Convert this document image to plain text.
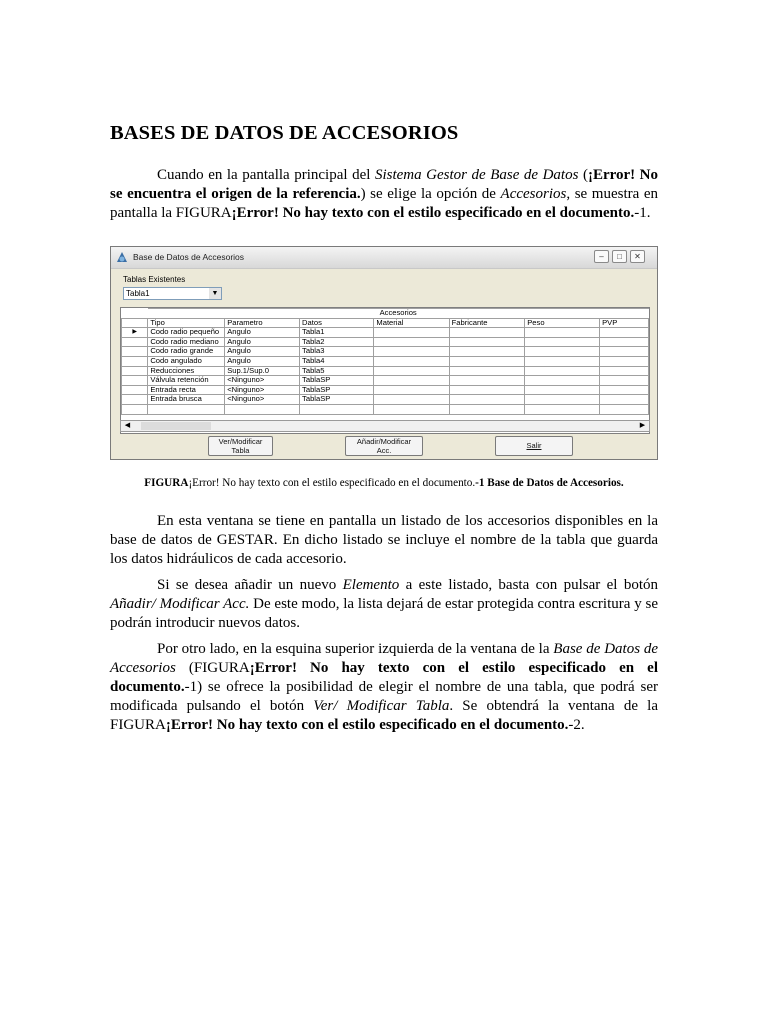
BASES DE DATOS DE ACCESORIOS

Cuando en la pantalla principal del Sistema Gestor de Base de Datos (¡Error! No se encuentra el origen de la referencia.) se elige la opción de Accesorios, se muestra en pantalla la FIGURA¡Error! No hay texto con el estilo especificado en el documento.-1.

Base de Datos de Accesorios	–	□	✕
Tablas Existentes
Tabla1	▼
	Accesorios						
	Tipo	Parametro	Datos	Material	Fabricante	Peso	PVP
▶	Codo radio pequeño	Angulo	Tabla1				
	Codo radio mediano	Angulo	Tabla2				
	Codo radio grande	Angulo	Tabla3				
	Codo angulado	Angulo	Tabla4				
	Reducciones	Sup.1/Sup.0	Tabla5				
	Válvula retención	<Ninguno>	TablaSP				
	Entrada recta	<Ninguno>	TablaSP				
	Entrada brusca	<Ninguno>	TablaSP				

◀	▶
Ver/Modificar
Tabla
Añadir/Modificar
Acc.	Salir
FIGURA¡Error! No hay texto con el estilo especificado en el documento.-1 Base de Datos de Accesorios.

En esta ventana se tiene en pantalla un listado de los accesorios disponibles en la base de datos de GESTAR. En dicho listado se incluye el nombre de la tabla que guarda los datos hidráulicos de cada accesorio.

Si se desea añadir un nuevo Elemento a este listado, basta con pulsar el botón Añadir/ Modificar Acc. De este modo, la lista dejará de estar protegida contra escritura y se podrán introducir nuevos datos.

Por otro lado, en la esquina superior izquierda de la ventana de la Base de Datos de Accesorios (FIGURA¡Error! No hay texto con el estilo especificado en el documento.-1) se ofrece la posibilidad de elegir el nombre de una tabla, que podrá ser modificada pulsando el botón Ver/ Modificar Tabla. Se obtendrá la ventana de la FIGURA¡Error! No hay texto con el estilo especificado en el documento.-2.
